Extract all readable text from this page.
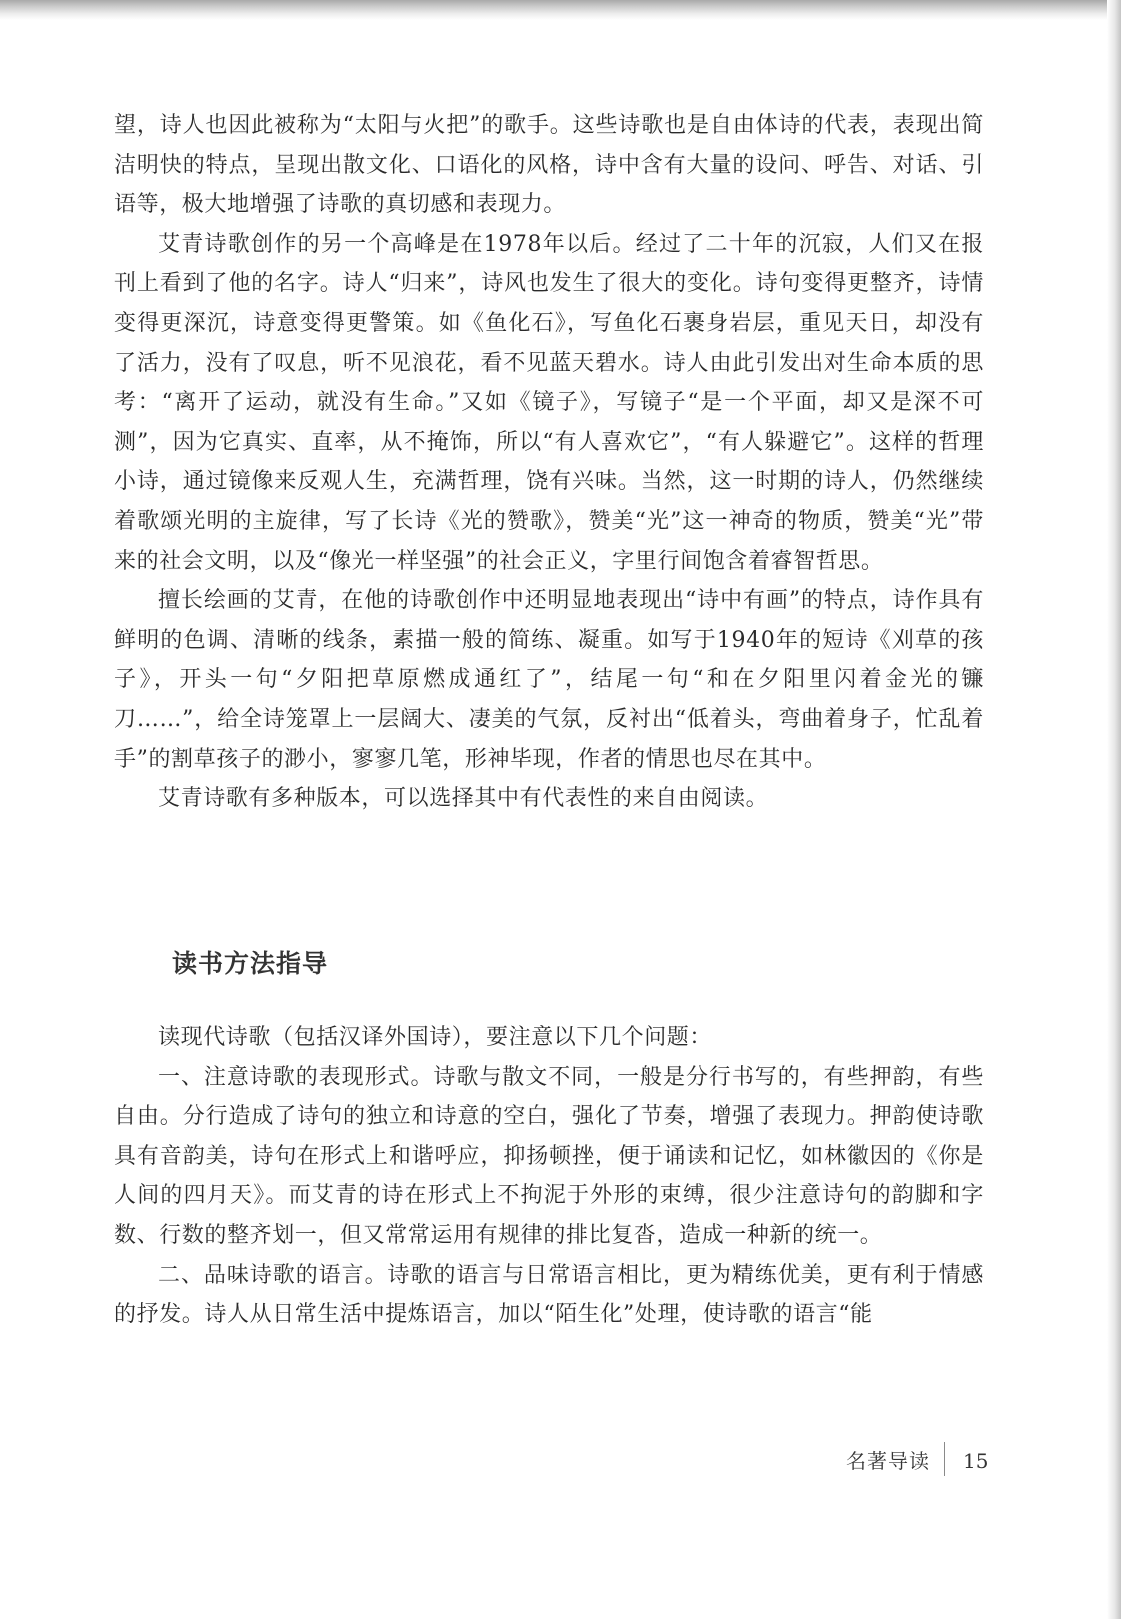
望，诗人也因此被称为“太阳与火把”的歌手。这些诗歌也是自由体诗的代表，表现出简洁明快的特点，呈现出散文化、口语化的风格，诗中含有大量的设问、呼告、对话、引语等，极大地增强了诗歌的真切感和表现力。

艾青诗歌创作的另一个高峰是在1978年以后。经过了二十年的沉寂，人们又在报刊上看到了他的名字。诗人“归来”，诗风也发生了很大的变化。诗句变得更整齐，诗情变得更深沉，诗意变得更警策。如《鱼化石》，写鱼化石裹身岩层，重见天日，却没有了活力，没有了叹息，听不见浪花，看不见蓝天碧水。诗人由此引发出对生命本质的思考：“离开了运动，就没有生命。”又如《镜子》，写镜子“是一个平面，却又是深不可测”，因为它真实、直率，从不掩饰，所以“有人喜欢它”，“有人躲避它”。这样的哲理小诗，通过镜像来反观人生，充满哲理，饶有兴味。当然，这一时期的诗人，仍然继续着歌颂光明的主旋律，写了长诗《光的赞歌》，赞美“光”这一神奇的物质，赞美“光”带来的社会文明，以及“像光一样坚强”的社会正义，字里行间饱含着睿智哲思。

擅长绘画的艾青，在他的诗歌创作中还明显地表现出“诗中有画”的特点，诗作具有鲜明的色调、清晰的线条，素描一般的简练、凝重。如写于1940年的短诗《刈草的孩子》，开头一句“夕阳把草原燃成通红了”，结尾一句“和在夕阳里闪着金光的镰刀……”，给全诗笼罩上一层阔大、凄美的气氛，反衬出“低着头，弯曲着身子，忙乱着手”的割草孩子的渺小，寥寥几笔，形神毕现，作者的情思也尽在其中。

艾青诗歌有多种版本，可以选择其中有代表性的来自由阅读。

读书方法指导

读现代诗歌（包括汉译外国诗），要注意以下几个问题：

一、注意诗歌的表现形式。诗歌与散文不同，一般是分行书写的，有些押韵，有些自由。分行造成了诗句的独立和诗意的空白，强化了节奏，增强了表现力。押韵使诗歌具有音韵美，诗句在形式上和谐呼应，抑扬顿挫，便于诵读和记忆，如林徽因的《你是人间的四月天》。而艾青的诗在形式上不拘泥于外形的束缚，很少注意诗句的韵脚和字数、行数的整齐划一，但又常常运用有规律的排比复沓，造成一种新的统一。

二、品味诗歌的语言。诗歌的语言与日常语言相比，更为精练优美，更有利于情感的抒发。诗人从日常生活中提炼语言，加以“陌生化”处理，使诗歌的语言“能

名著导读 15
